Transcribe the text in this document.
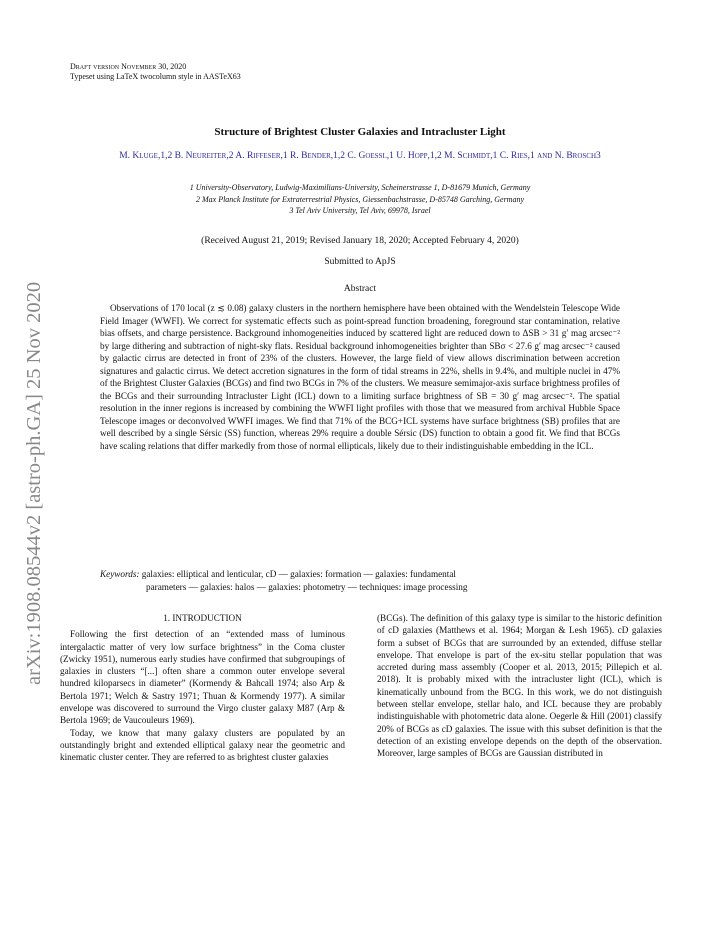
arXiv:1908.08544v2 [astro-ph.GA] 25 Nov 2020
Draft version November 30, 2020
Typeset using LaTeX twocolumn style in AASTeX63
Structure of Brightest Cluster Galaxies and Intracluster Light
M. Kluge,1,2 B. Neureiter,2 A. Riffeser,1 R. Bender,1,2 C. Goessl,1 U. Hopp,1,2 M. Schmidt,1 C. Ries,1 and N. Brosch3
1 University-Observatory, Ludwig-Maximilians-University, Scheinerstrasse 1, D-81679 Munich, Germany
2 Max Planck Institute for Extraterrestrial Physics, Giessenbachstrasse, D-85748 Garching, Germany
3 Tel Aviv University, Tel Aviv, 69978, Israel
(Received August 21, 2019; Revised January 18, 2020; Accepted February 4, 2020)
Submitted to ApJS
Abstract

Observations of 170 local (z ≲ 0.08) galaxy clusters in the northern hemisphere have been obtained with the Wendelstein Telescope Wide Field Imager (WWFI). We correct for systematic effects such as point-spread function broadening, foreground star contamination, relative bias offsets, and charge persistence. Background inhomogeneities induced by scattered light are reduced down to ΔSB > 31 g′ mag arcsec⁻² by large dithering and subtraction of night-sky flats. Residual background inhomogeneities brighter than SBσ < 27.6 g′ mag arcsec⁻² caused by galactic cirrus are detected in front of 23% of the clusters. However, the large field of view allows discrimination between accretion signatures and galactic cirrus. We detect accretion signatures in the form of tidal streams in 22%, shells in 9.4%, and multiple nuclei in 47% of the Brightest Cluster Galaxies (BCGs) and find two BCGs in 7% of the clusters. We measure semimajor-axis surface brightness profiles of the BCGs and their surrounding Intracluster Light (ICL) down to a limiting surface brightness of SB = 30 g′ mag arcsec⁻². The spatial resolution in the inner regions is increased by combining the WWFI light profiles with those that we measured from archival Hubble Space Telescope images or deconvolved WWFI images. We find that 71% of the BCG+ICL systems have surface brightness (SB) profiles that are well described by a single Sérsic (SS) function, whereas 29% require a double Sérsic (DS) function to obtain a good fit. We find that BCGs have scaling relations that differ markedly from those of normal ellipticals, likely due to their indistinguishable embedding in the ICL.

Keywords: galaxies: elliptical and lenticular, cD — galaxies: formation — galaxies: fundamental
parameters — galaxies: halos — galaxies: photometry — techniques: image processing
1. INTRODUCTION

Following the first detection of an “extended mass of luminous intergalactic matter of very low surface brightness” in the Coma cluster (Zwicky 1951), numerous early studies have confirmed that subgroupings of galaxies in clusters “[...] often share a common outer envelope several hundred kiloparsecs in diameter” (Kormendy & Bahcall 1974; also Arp & Bertola 1971; Welch & Sastry 1971; Thuan & Kormendy 1977). A similar envelope was discovered to surround the Virgo cluster galaxy M87 (Arp & Bertola 1969; de Vaucouleurs 1969).

Today, we know that many galaxy clusters are populated by an outstandingly bright and extended elliptical galaxy near the geometric and kinematic cluster center. They are referred to as brightest cluster galaxies

(BCGs). The definition of this galaxy type is similar to the historic definition of cD galaxies (Matthews et al. 1964; Morgan & Lesh 1965). cD galaxies form a subset of BCGs that are surrounded by an extended, diffuse stellar envelope. That envelope is part of the ex-situ stellar population that was accreted during mass assembly (Cooper et al. 2013, 2015; Pillepich et al. 2018). It is probably mixed with the intracluster light (ICL), which is kinematically unbound from the BCG. In this work, we do not distinguish between stellar envelope, stellar halo, and ICL because they are probably indistinguishable with photometric data alone. Oegerle & Hill (2001) classify 20% of BCGs as cD galaxies. The issue with this subset definition is that the detection of an existing envelope depends on the depth of the observation. Moreover, large samples of BCGs are Gaussian distributed in
